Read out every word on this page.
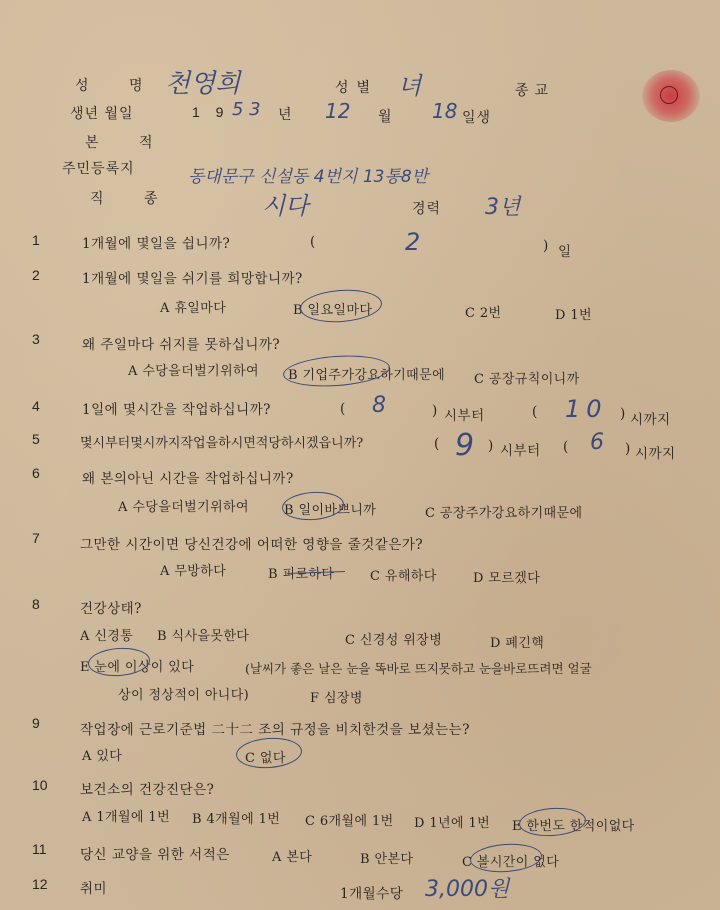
성 명 천영희	성별 녀	종교
생년 월일	1 9 5 3 년 12 월 18 일생
본 적
주민등록지	동대문구 신설동 4번지 13통8반
직 종	시다	경력 3년
1	1개월에 몇일을 쉽니까?	(	2	) 일
2	1개월에 몇일을 쉬기를 희망합니까?
A 휴일마다	B 일요일마다	C 2번	D 1번
3	왜 주일마다 쉬지를 못하십니까?
A 수당을더벌기위하여 B 기업주가강요하기때문에 C 공장규칙이니까
4	1일에 몇시간을 작업하십니까?	( 8	) 시부터	( 10 ) 시까지
5	몇시부터몇시까지작업을하시면적당하시겠읍니까?	( 9 ) 시부터 ( 6 ) 시까지
6	왜 본의아닌 시간을 작업하십니까?
A 수당을더벌기위하여	B 일이바쁘니까	C 공장주가강요하기때문에
7	그만한 시간이면 당신건강에 어떠한 영향을 줄것같은가?
A 무방하다	B 피로하다	C 유해하다	D 모르겠다
8	건강상태?
A 신경통 B 식사을못한다	C 신경성 위장병	D 폐긴핵
E 눈에 이상이 있다	(날씨가 좋은 날은 눈을 똑바로 뜨지못하고 눈을바로뜨려면 얼굴
상이 정상적이 아니다)	F 심장병
9	작업장에 근로기준법 二十二 조의 규정을 비치한것을 보셨는는?
A 있다	C 없다
10 보건소의 건강진단은?
A 1개월에 1번 B 4개월에 1번 C 6개월에 1번 D 1년에 1번 E 한번도 한적이없다
11 당신 교양을 위한 서적은	A 본다	B 안본다	C 볼시간이 없다
12 취미	1개월수당 3,000원
